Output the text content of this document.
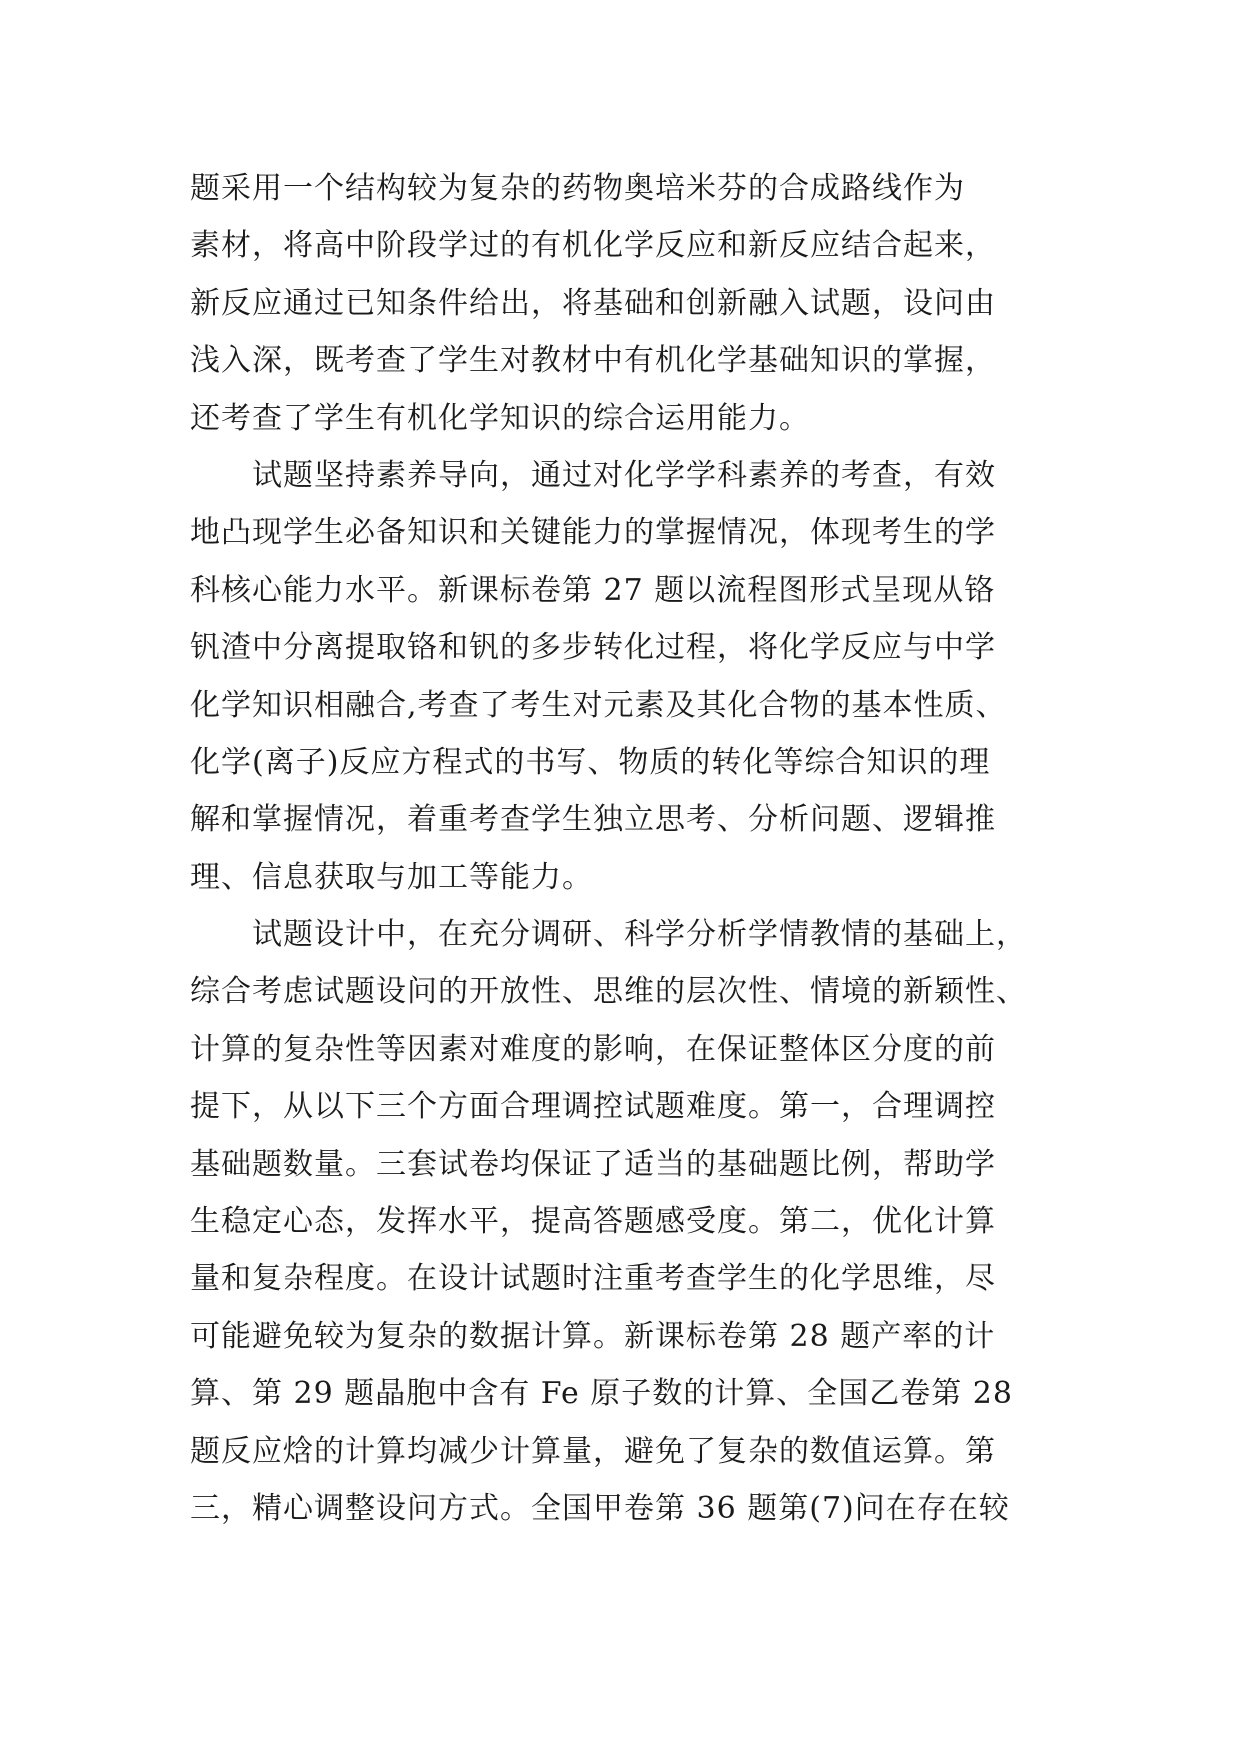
题采用一个结构较为复杂的药物奥培米芬的合成路线作为
素材，将高中阶段学过的有机化学反应和新反应结合起来，
新反应通过已知条件给出，将基础和创新融入试题，设问由
浅入深，既考查了学生对教材中有机化学基础知识的掌握，
还考查了学生有机化学知识的综合运用能力。
试题坚持素养导向，通过对化学学科素养的考查，有效
地凸现学生必备知识和关键能力的掌握情况，体现考生的学
科核心能力水平。新课标卷第 27 题以流程图形式呈现从铬
钒渣中分离提取铬和钒的多步转化过程，将化学反应与中学
化学知识相融合,考查了考生对元素及其化合物的基本性质、
化学(离子)反应方程式的书写、物质的转化等综合知识的理
解和掌握情况，着重考查学生独立思考、分析问题、逻辑推
理、信息获取与加工等能力。
试题设计中，在充分调研、科学分析学情教情的基础上，
综合考虑试题设问的开放性、思维的层次性、情境的新颖性、
计算的复杂性等因素对难度的影响，在保证整体区分度的前
提下，从以下三个方面合理调控试题难度。第一，合理调控
基础题数量。三套试卷均保证了适当的基础题比例，帮助学
生稳定心态，发挥水平，提高答题感受度。第二，优化计算
量和复杂程度。在设计试题时注重考查学生的化学思维，尽
可能避免较为复杂的数据计算。新课标卷第 28 题产率的计
算、第 29 题晶胞中含有 Fe 原子数的计算、全国乙卷第 28
题反应焓的计算均减少计算量，避免了复杂的数值运算。第
三，精心调整设问方式。全国甲卷第 36 题第(7)问在存在较
